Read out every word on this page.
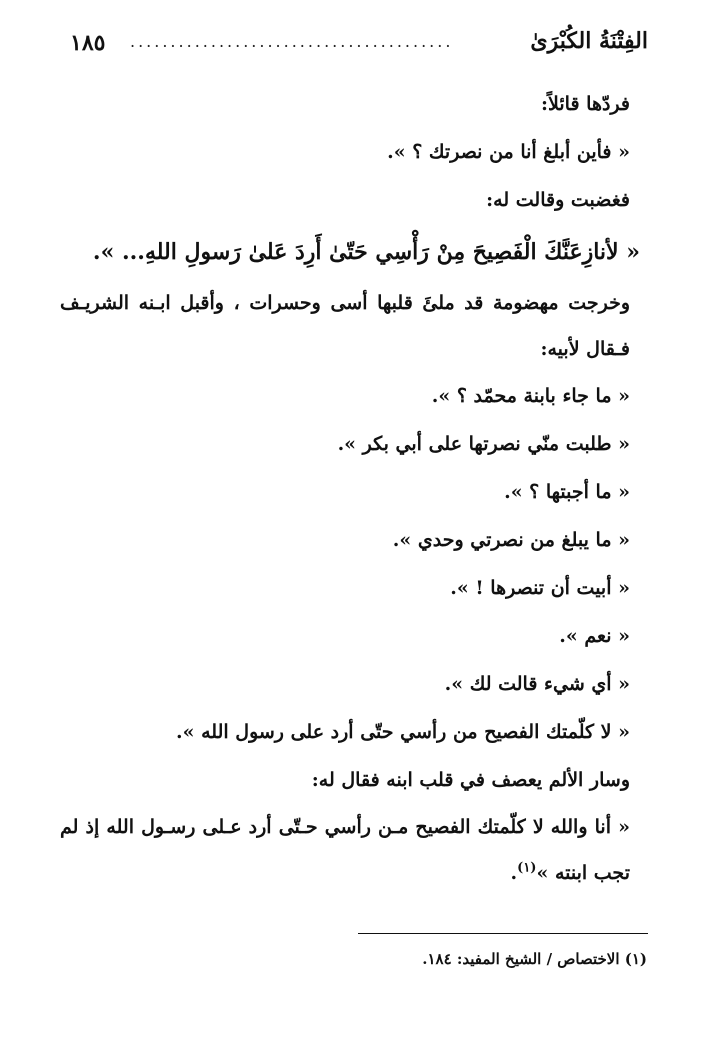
١٨٥ ........................................	الفِتْنَةُ الكُبْرَىٰ
فردّها قائلاً:
« فأين أبلغ أنا من نصرتك ؟ ».
فغضبت وقالت له:
« لأنازِعَنَّكَ الْفَصِيحَ مِنْ رَأْسِي حَتّىٰ أَرِدَ عَلىٰ رَسولِ اللهِ... ».
وخرجت مهضومة قد ملئَ قلبها أسى وحسرات ، وأقبل ابـنه الشريـف فـقال لأبيه:
« ما جاء بابنة محمّد ؟ ».
« طلبت منّي نصرتها على أبي بكر ».
« ما أجبتها ؟ ».
« ما يبلغ من نصرتي وحدي ».
« أبيت أن تنصرها ! ».
« نعم ».
« أي شيء قالت لك ».
« لا كلّمتك الفصيح من رأسي حتّى أرد على رسول الله ».
وسار الألم يعصف في قلب ابنه فقال له:
« أنا والله لا كلّمتك الفصيح مـن رأسي حـتّى أرد عـلى رسـول الله إذ لم تجب ابنته »$^{(١)}$.
(١) الاختصاص / الشيخ المفيد: ١٨٤.
